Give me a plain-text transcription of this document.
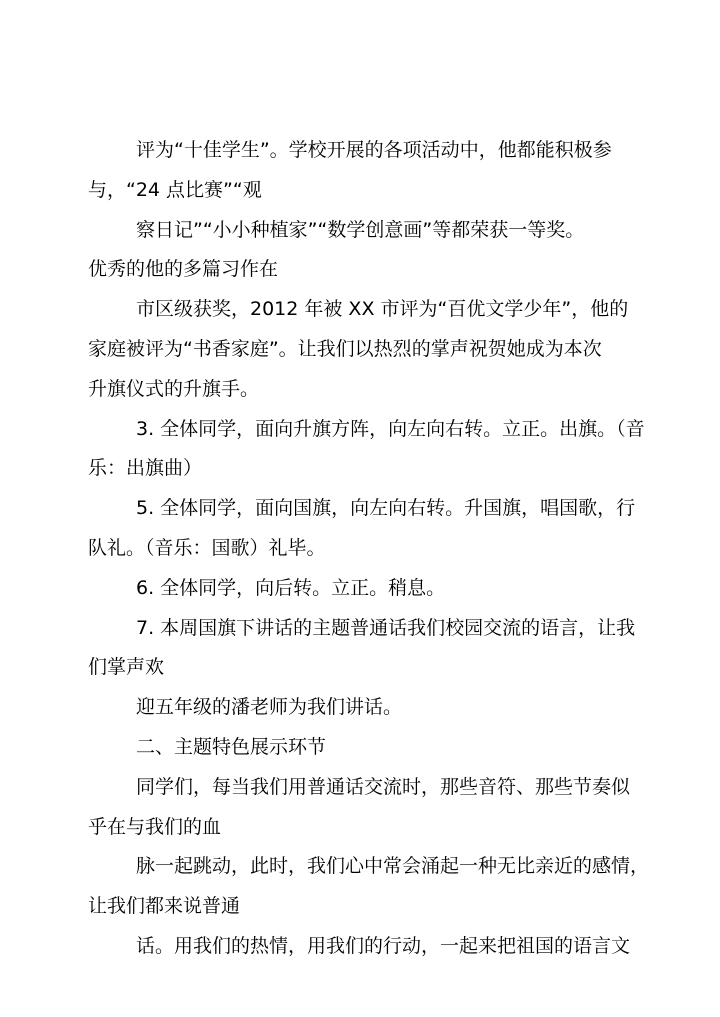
评为“十佳学生”。学校开展的各项活动中，他都能积极参

与，“24 点比赛”“观

察日记”“小小种植家”“数学创意画”等都荣获一等奖。

优秀的他的多篇习作在

市区级获奖，2012 年被 XX 市评为“百优文学少年”，他的

家庭被评为“书香家庭”。让我们以热烈的掌声祝贺她成为本次

升旗仪式的升旗手。

3. 全体同学，面向升旗方阵，向左向右转。立正。出旗。（音

乐：出旗曲）

5. 全体同学，面向国旗，向左向右转。升国旗，唱国歌，行

队礼。（音乐：国歌）礼毕。

6. 全体同学，向后转。立正。稍息。

7. 本周国旗下讲话的主题普通话我们校园交流的语言，让我

们掌声欢

迎五年级的潘老师为我们讲话。

二、主题特色展示环节

同学们，每当我们用普通话交流时，那些音符、那些节奏似

乎在与我们的血

脉一起跳动，此时，我们心中常会涌起一种无比亲近的感情，

让我们都来说普通

话。用我们的热情，用我们的行动，一起来把祖国的语言文
